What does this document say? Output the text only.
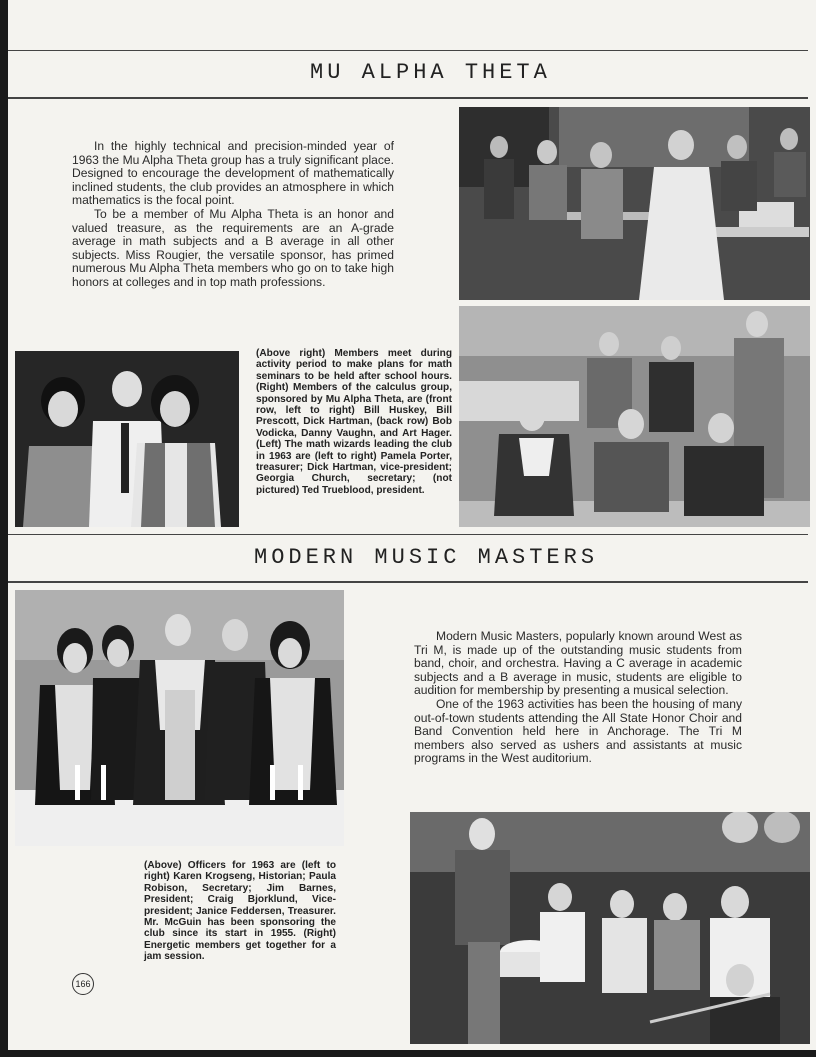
MU ALPHA THETA

In the highly technical and precision-minded year of 1963 the Mu Alpha Theta group has a truly significant place. Designed to encourage the development of mathematically inclined students, the club provides an atmosphere in which mathematics is the focal point.

To be a member of Mu Alpha Theta is an honor and valued treasure, as the requirements are an A-grade average in math subjects and a B average in all other subjects. Miss Rougier, the versatile sponsor, has primed numerous Mu Alpha Theta members who go on to take high honors at colleges and in top math professions.

(Above right) Members meet during activity period to make plans for math seminars to be held after school hours. (Right) Members of the calculus group, sponsored by Mu Alpha Theta, are (front row, left to right) Bill Huskey, Bill Prescott, Dick Hartman, (back row) Bob Vodicka, Danny Vaughn, and Art Hager. (Left) The math wizards leading the club in 1963 are (left to right) Pamela Porter, treasurer; Dick Hartman, vice-president; Georgia Church, secretary; (not pictured) Ted Trueblood, president.
MODERN MUSIC MASTERS

Modern Music Masters, popularly known around West as Tri M, is made up of the outstanding music students from band, choir, and orchestra. Having a C average in academic subjects and a B average in music, students are eligible to audition for membership by presenting a musical selection.

One of the 1963 activities has been the housing of many out-of-town students attending the All State Honor Choir and Band Convention held here in Anchorage. The Tri M members also served as ushers and assistants at music programs in the West auditorium.

(Above) Officers for 1963 are (left to right) Karen Krogseng, Historian; Paula Robison, Secretary; Jim Barnes, President; Craig Bjorklund, Vice-president; Janice Feddersen, Treasurer. Mr. McGuin has been sponsoring the club since its start in 1955. (Right) Energetic members get together for a jam session.
166
